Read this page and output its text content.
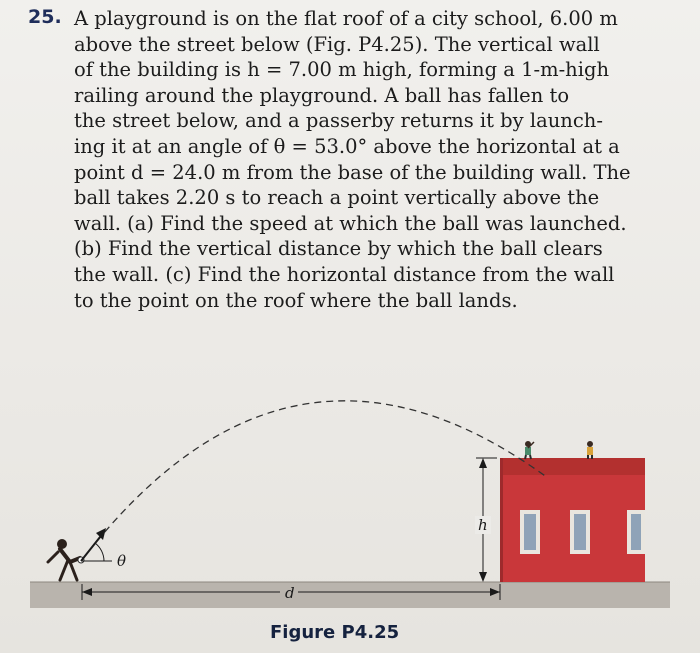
25. A playground is on the flat roof of a city school, 6.00 m
above the street below (Fig. P4.25). The vertical wall
of the building is h = 7.00 m high, forming a 1-m-high
railing around the playground. A ball has fallen to
the street below, and a passerby returns it by launch-
ing it at an angle of θ = 53.0° above the horizontal at a
point d = 24.0 m from the base of the building wall. The
ball takes 2.20 s to reach a point vertically above the
wall. (a) Find the speed at which the ball was launched.
(b) Find the vertical distance by which the ball clears
the wall. (c) Find the horizontal distance from the wall
to the point on the roof where the ball lands.
θ
h
d
Figure P4.25
